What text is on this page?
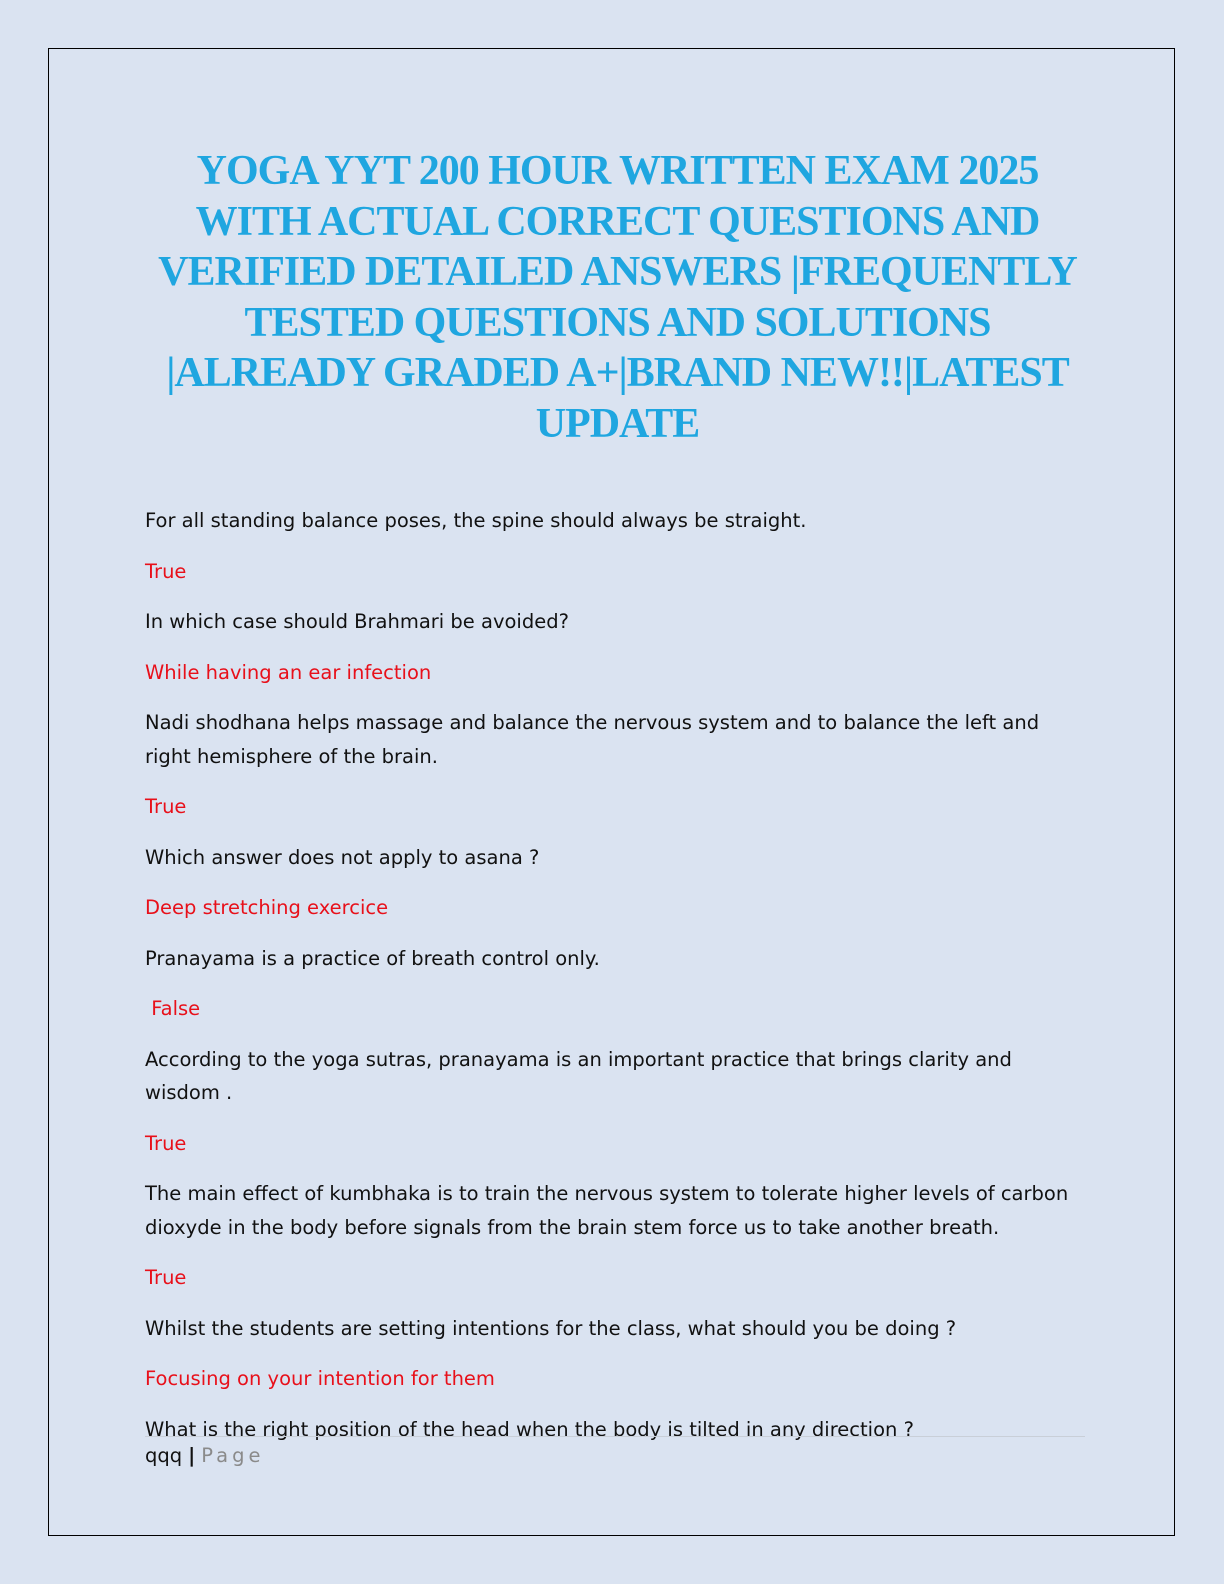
YOGA YYT 200 HOUR WRITTEN EXAM 2025 WITH ACTUAL CORRECT QUESTIONS AND VERIFIED DETAILED ANSWERS |FREQUENTLY TESTED QUESTIONS AND SOLUTIONS |ALREADY GRADED A+|BRAND NEW!!|LATEST UPDATE

For all standing balance poses, the spine should always be straight.

True

In which case should Brahmari be avoided?

While having an ear infection

Nadi shodhana helps massage and balance the nervous system and to balance the left and right hemisphere of the brain.

True

Which answer does not apply to asana ?

Deep stretching exercice

Pranayama is a practice of breath control only.

False

According to the yoga sutras, pranayama is an important practice that brings clarity and wisdom .

True

The main effect of kumbhaka is to train the nervous system to tolerate higher levels of carbon dioxyde in the body before signals from the brain stem force us to take another breath.

True

Whilst the students are setting intentions for the class, what should you be doing ?

Focusing on your intention for them

What is the right position of the head when the body is tilted in any direction ?

qqq | Page
